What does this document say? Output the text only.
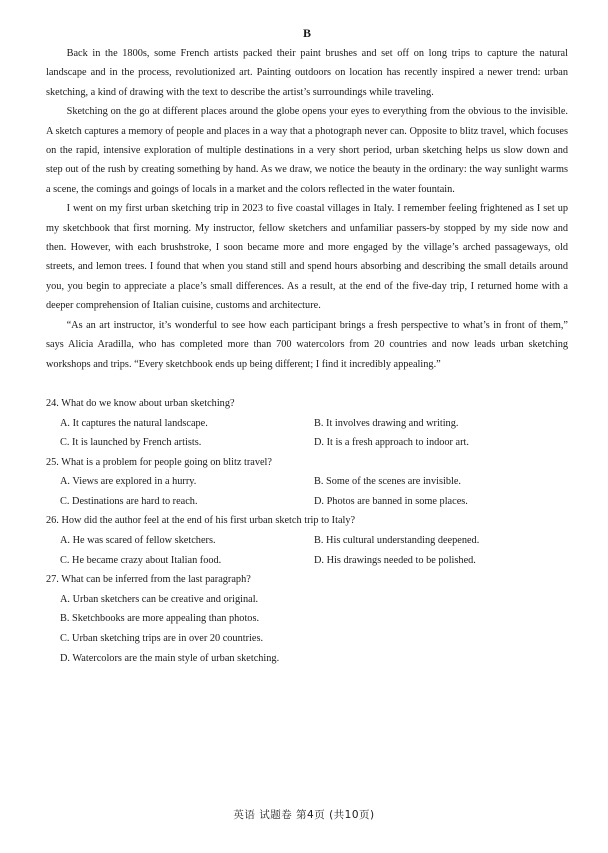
B

Back in the 1800s, some French artists packed their paint brushes and set off on long trips to capture the natural landscape and in the process, revolutionized art. Painting outdoors on location has recently inspired a newer trend: urban sketching, a kind of drawing with the text to describe the artist’s surroundings while traveling.

Sketching on the go at different places around the globe opens your eyes to everything from the obvious to the invisible. A sketch captures a memory of people and places in a way that a photograph never can. Opposite to blitz travel, which focuses on the rapid, intensive exploration of multiple destinations in a very short period, urban sketching helps us slow down and step out of the rush by creating something by hand. As we draw, we notice the beauty in the ordinary: the way sunlight warms a scene, the comings and goings of locals in a market and the colors reflected in the water fountain.

I went on my first urban sketching trip in 2023 to five coastal villages in Italy. I remember feeling frightened as I set up my sketchbook that first morning. My instructor, fellow sketchers and unfamiliar passers-by stopped by my side now and then. However, with each brushstroke, I soon became more and more engaged by the village’s arched passageways, old streets, and lemon trees. I found that when you stand still and spend hours absorbing and describing the small details around you, you begin to appreciate a place’s small differences. As a result, at the end of the five-day trip, I returned home with a deeper comprehension of Italian cuisine, customs and architecture.

“As an art instructor, it’s wonderful to see how each participant brings a fresh perspective to what’s in front of them,” says Alicia Aradilla, who has completed more than 700 watercolors from 20 countries and now leads urban sketching workshops and trips. “Every sketchbook ends up being different; I find it incredibly appealing.”

24. What do we know about urban sketching?
A. It captures the natural landscape.	B. It involves drawing and writing.
C. It is launched by French artists.	D. It is a fresh approach to indoor art.
25. What is a problem for people going on blitz travel?
A. Views are explored in a hurry.	B. Some of the scenes are invisible.
C. Destinations are hard to reach.	D. Photos are banned in some places.
26. How did the author feel at the end of his first urban sketch trip to Italy?
A. He was scared of fellow sketchers.	B. His cultural understanding deepened.
C. He became crazy about Italian food.	D. His drawings needed to be polished.
27. What can be inferred from the last paragraph?
A. Urban sketchers can be creative and original.
B. Sketchbooks are more appealing than photos.
C. Urban sketching trips are in over 20 countries.
D. Watercolors are the main style of urban sketching.
英语 试题卷 第4页 (共10页)
